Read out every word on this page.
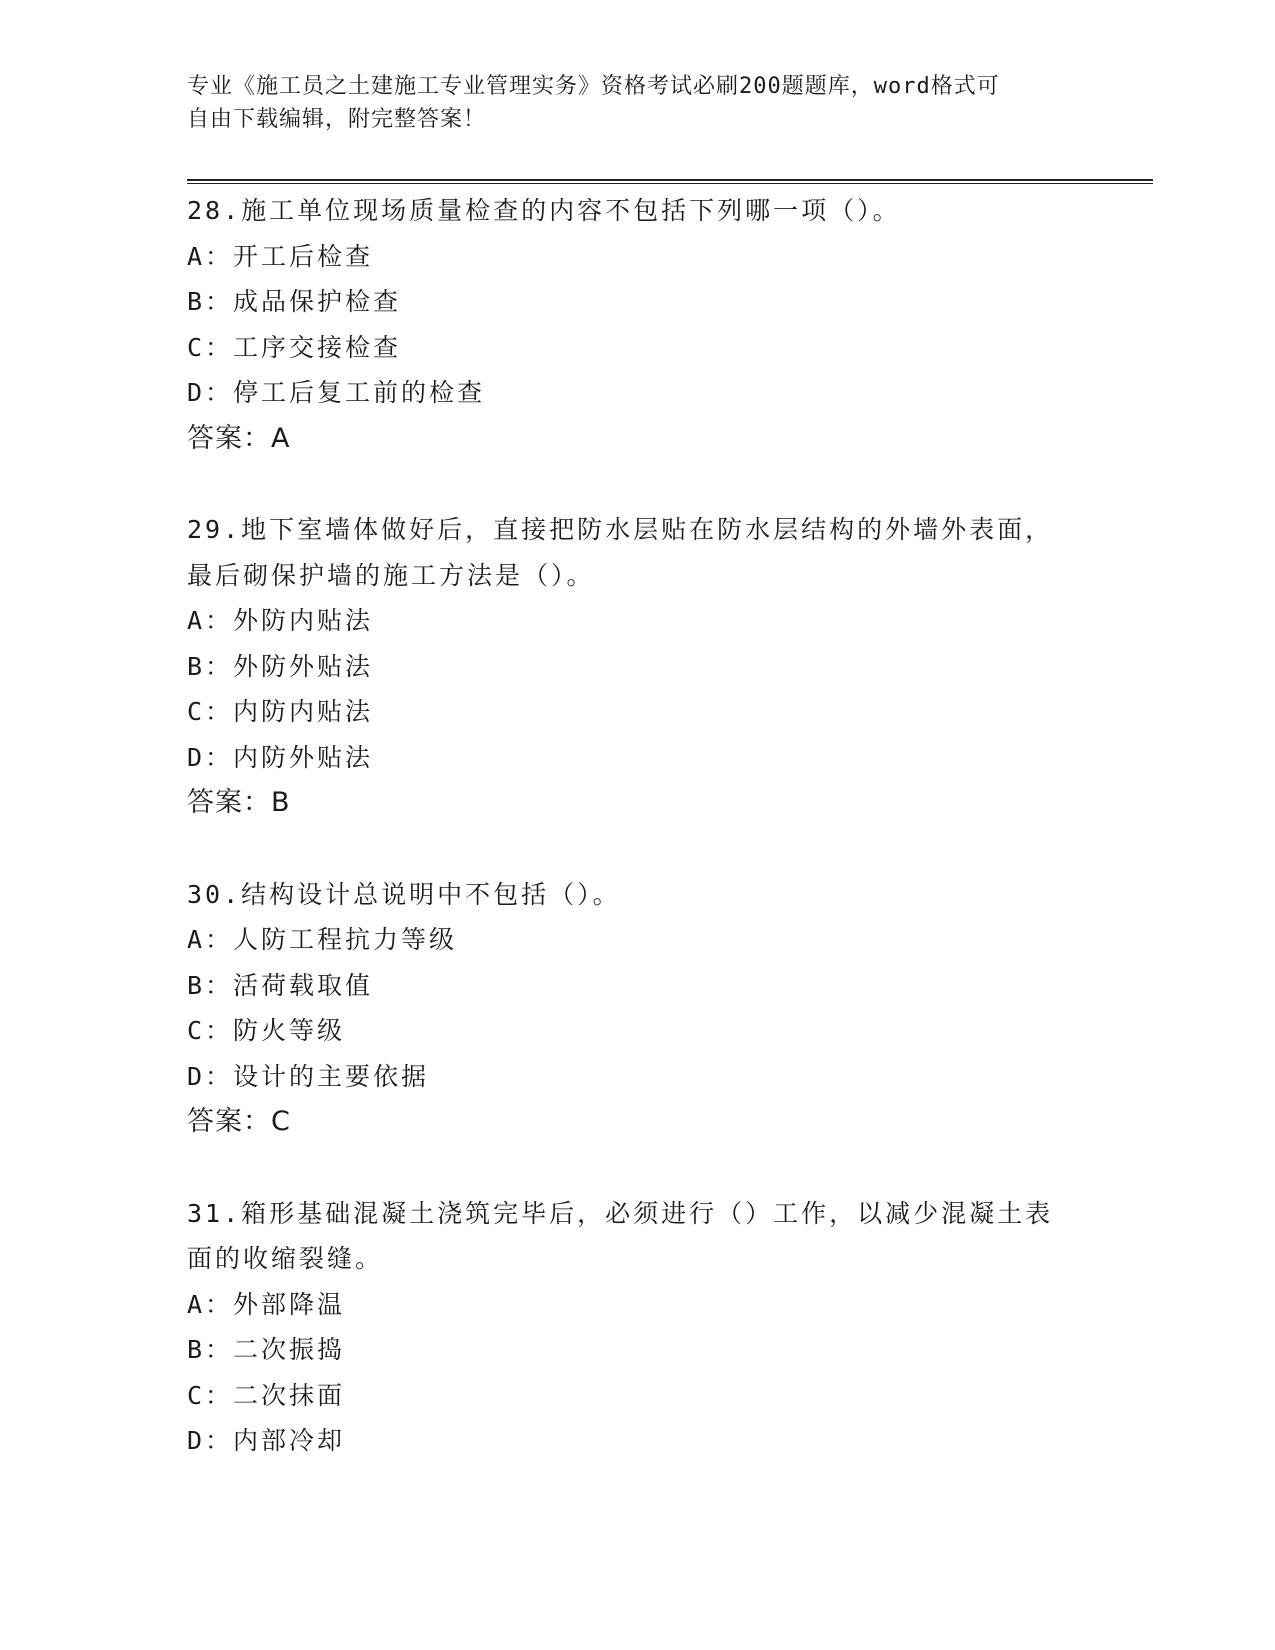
专业《施工员之土建施工专业管理实务》资格考试必刷200题题库，word格式可
自由下载编辑，附完整答案！

28.施工单位现场质量检查的内容不包括下列哪一项（）。

A：开工后检查

B：成品保护检查

C：工序交接检查

D：停工后复工前的检查

答案：A

29.地下室墙体做好后，直接把防水层贴在防水层结构的外墙外表面，

最后砌保护墙的施工方法是（）。

A：外防内贴法

B：外防外贴法

C：内防内贴法

D：内防外贴法

答案：B

30.结构设计总说明中不包括（）。

A：人防工程抗力等级

B：活荷载取值

C：防火等级

D：设计的主要依据

答案：C

31.箱形基础混凝土浇筑完毕后，必须进行（）工作，以减少混凝土表

面的收缩裂缝。

A：外部降温

B：二次振捣

C：二次抹面

D：内部冷却
